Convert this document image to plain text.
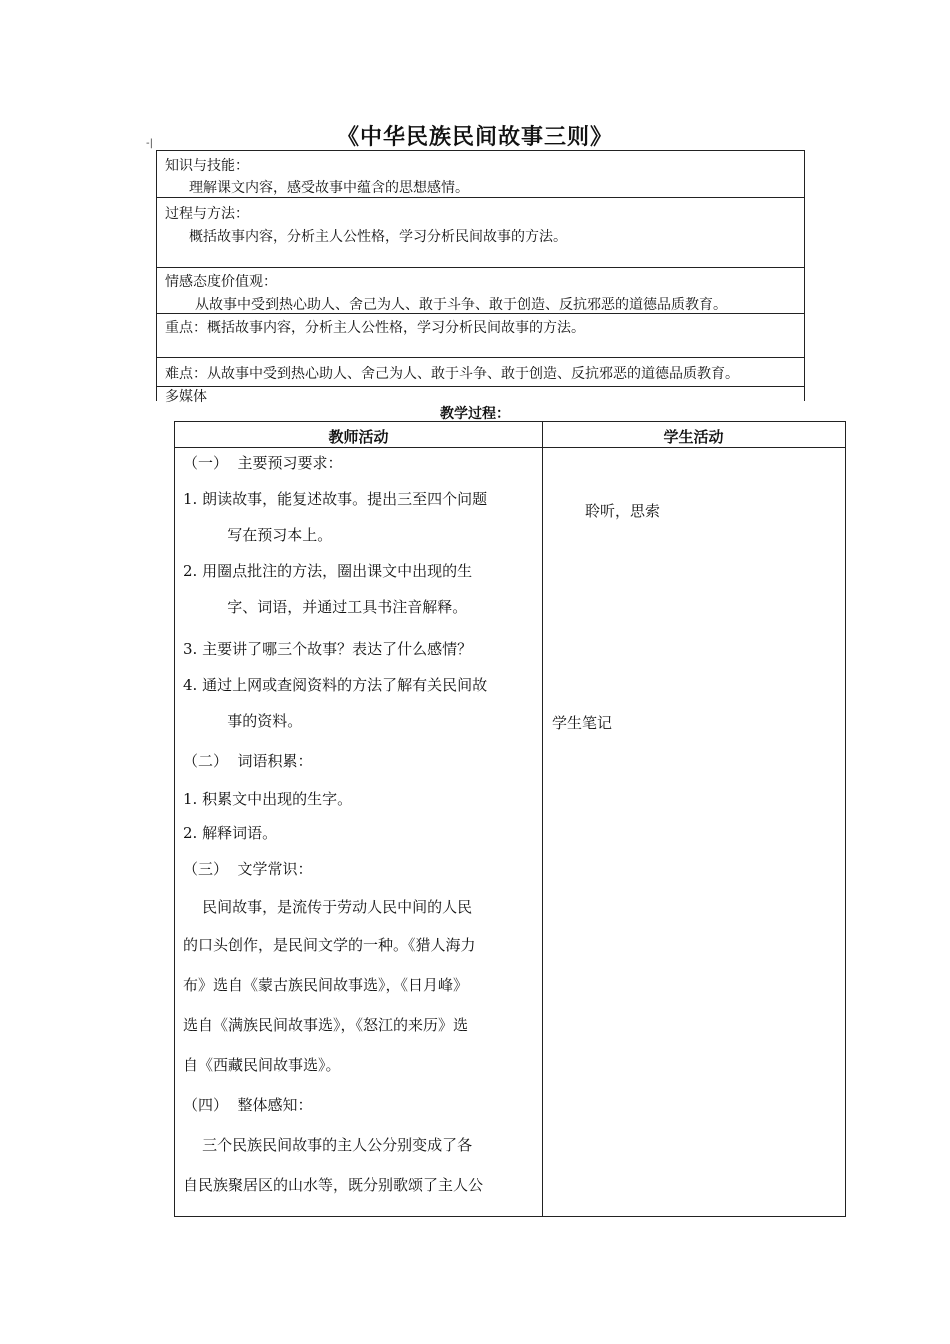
《中华民族民间故事三则》
-|
知识与技能：
理解课文内容，感受故事中蕴含的思想感情。
过程与方法：
概括故事内容，分析主人公性格，学习分析民间故事的方法。
情感态度价值观：
从故事中受到热心助人、舍己为人、敢于斗争、敢于创造、反抗邪恶的道德品质教育。
重点：概括故事内容，分析主人公性格，学习分析民间故事的方法。
难点：从故事中受到热心助人、舍己为人、敢于斗争、敢于创造、反抗邪恶的道德品质教育。
多媒体
教学过程：
教师活动	学生活动
（一）  主要预习要求：
1. 朗读故事，能复述故事。提出三至四个问题
写在预习本上。
2. 用圈点批注的方法，圈出课文中出现的生
字、词语，并通过工具书注音解释。
3. 主要讲了哪三个故事？表达了什么感情？
4. 通过上网或查阅资料的方法了解有关民间故
事的资料。
（二）  词语积累：
1. 积累文中出现的生字。
2. 解释词语。
（三）  文学常识：
民间故事，是流传于劳动人民中间的人民
的口头创作，是民间文学的一种。《猎人海力
布》选自《蒙古族民间故事选》，《日月峰》
选自《满族民间故事选》，《怒江的来历》选
自《西藏民间故事选》。
（四）  整体感知：
三个民族民间故事的主人公分别变成了各
自民族聚居区的山水等，既分别歌颂了主人公
聆听，思索
学生笔记
